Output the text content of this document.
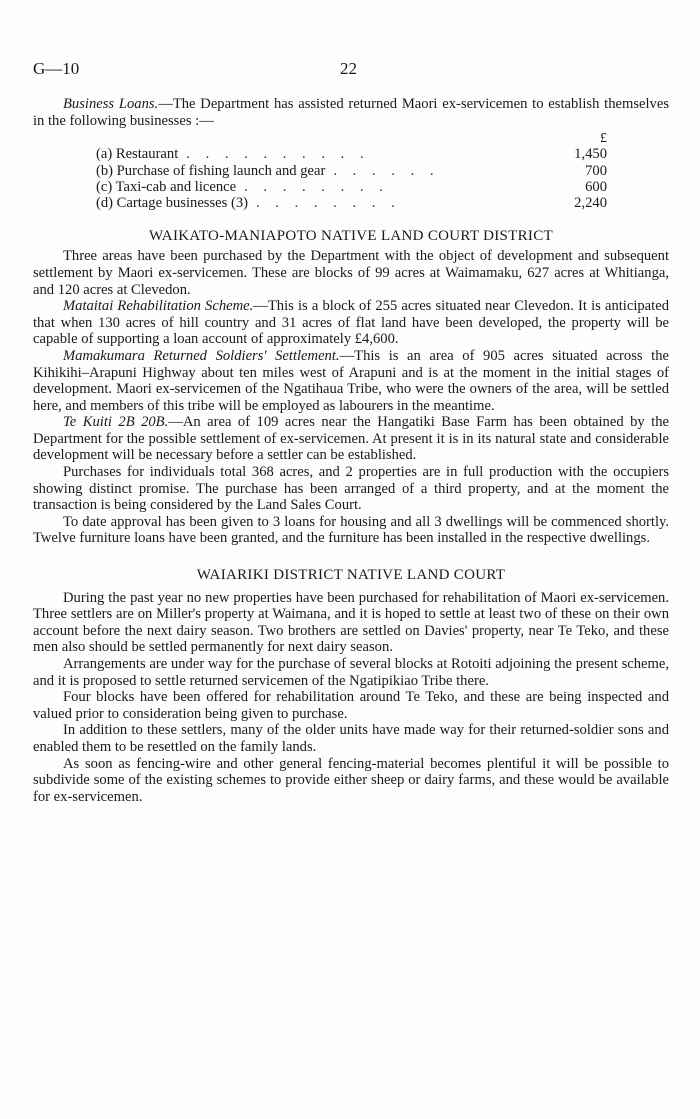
G—10	22

Business Loans.—The Department has assisted returned Maori ex-servicemen to establish themselves in the following businesses :—

£
(a) Restaurant . . . . . . . . . .	1,450
(b) Purchase of fishing launch and gear . . . . . .	700
(c) Taxi-cab and licence . . . . . . . .	600
(d) Cartage businesses (3) . . . . . . . .	2,240
WAIKATO-MANIAPOTO NATIVE LAND COURT DISTRICT

Three areas have been purchased by the Department with the object of development and subsequent settlement by Maori ex-servicemen. These are blocks of 99 acres at Waimamaku, 627 acres at Whitianga, and 120 acres at Clevedon.

Mataitai Rehabilitation Scheme.—This is a block of 255 acres situated near Clevedon. It is anticipated that when 130 acres of hill country and 31 acres of flat land have been developed, the property will be capable of supporting a loan account of approximately £4,600.

Mamakumara Returned Soldiers' Settlement.—This is an area of 905 acres situated across the Kihikihi–Arapuni Highway about ten miles west of Arapuni and is at the moment in the initial stages of development. Maori ex-servicemen of the Ngatihaua Tribe, who were the owners of the area, will be settled here, and members of this tribe will be employed as labourers in the meantime.

Te Kuiti 2B 20B.—An area of 109 acres near the Hangatiki Base Farm has been obtained by the Department for the possible settlement of ex-servicemen. At present it is in its natural state and considerable development will be necessary before a settler can be established.

Purchases for individuals total 368 acres, and 2 properties are in full production with the occupiers showing distinct promise. The purchase has been arranged of a third property, and at the moment the transaction is being considered by the Land Sales Court.

To date approval has been given to 3 loans for housing and all 3 dwellings will be commenced shortly. Twelve furniture loans have been granted, and the furniture has been installed in the respective dwellings.

WAIARIKI DISTRICT NATIVE LAND COURT

During the past year no new properties have been purchased for rehabilitation of Maori ex-servicemen. Three settlers are on Miller's property at Waimana, and it is hoped to settle at least two of these on their own account before the next dairy season. Two brothers are settled on Davies' property, near Te Teko, and these men also should be settled permanently for next dairy season.

Arrangements are under way for the purchase of several blocks at Rotoiti adjoining the present scheme, and it is proposed to settle returned servicemen of the Ngatipikiao Tribe there.

Four blocks have been offered for rehabilitation around Te Teko, and these are being inspected and valued prior to consideration being given to purchase.

In addition to these settlers, many of the older units have made way for their returned-soldier sons and enabled them to be resettled on the family lands.

As soon as fencing-wire and other general fencing-material becomes plentiful it will be possible to subdivide some of the existing schemes to provide either sheep or dairy farms, and these would be available for ex-servicemen.
